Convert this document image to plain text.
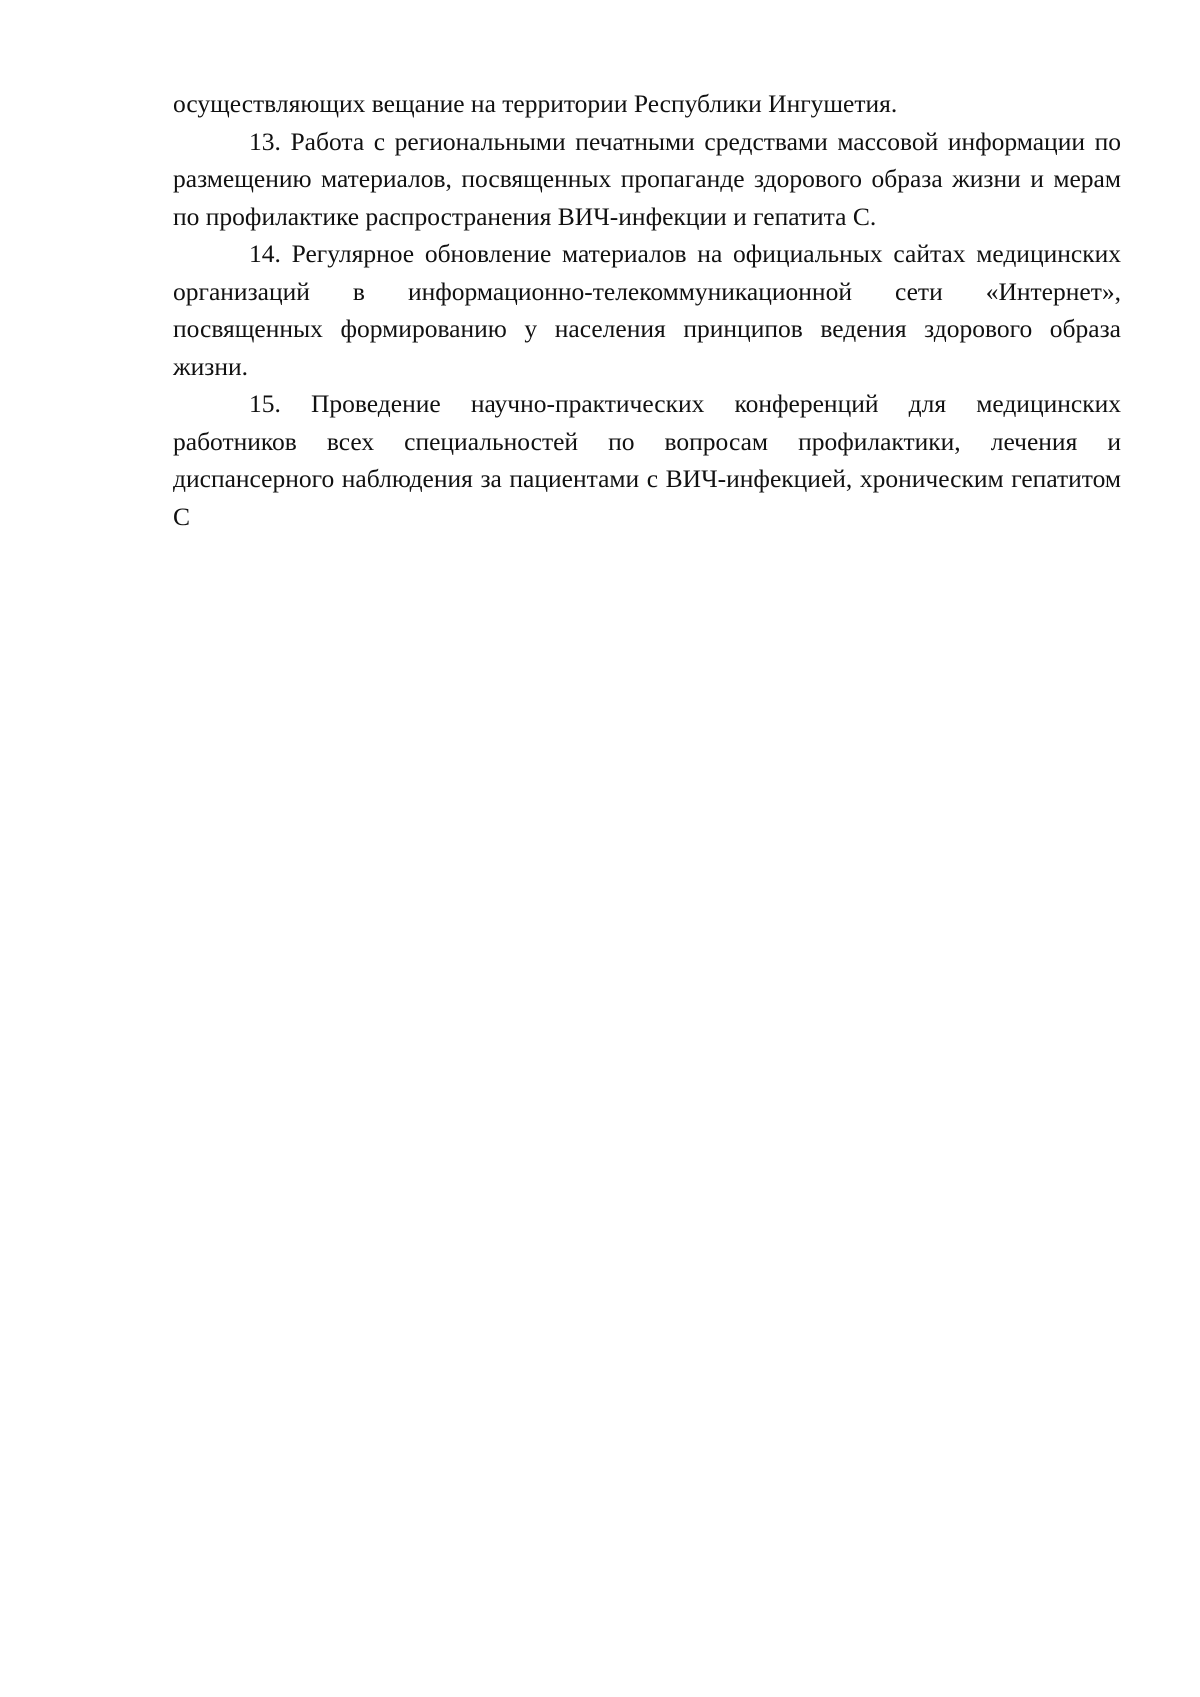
осуществляющих вещание на территории Республики Ингушетия.

13. Работа с региональными печатными средствами массовой информации по размещению материалов, посвященных пропаганде здорового образа жизни и мерам по профилактике распространения ВИЧ-инфекции и гепатита С.

14. Регулярное обновление материалов на официальных сайтах медицинских организаций в информационно-телекоммуникационной сети «Интернет», посвященных формированию у населения принципов ведения здорового образа жизни.

15. Проведение научно-практических конференций для медицинских работников всех специальностей по вопросам профилактики, лечения и диспансерного наблюдения за пациентами с ВИЧ-инфекцией, хроническим гепатитом С
